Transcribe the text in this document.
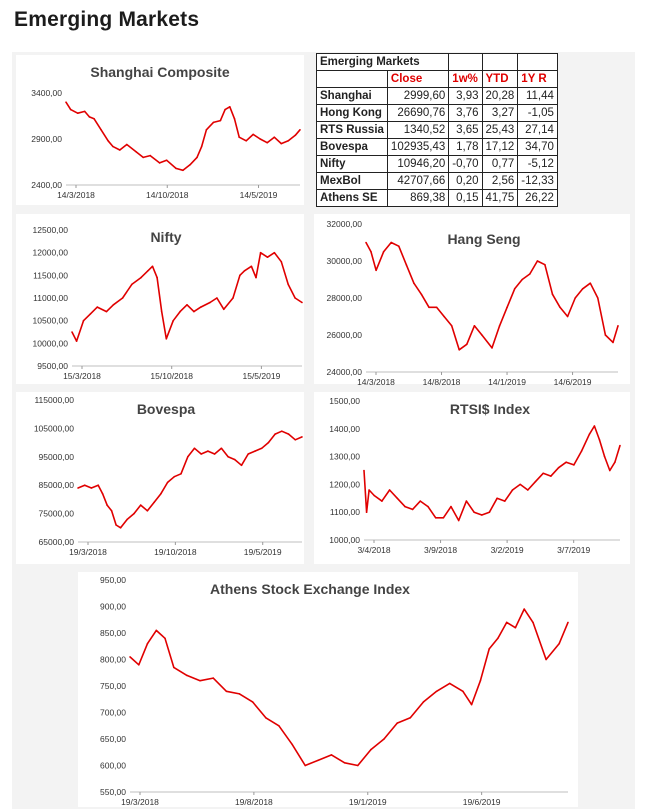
Emerging Markets
Shanghai Composite
3400,00
2900,00
2400,00
14/3/2018	14/10/2018	14/5/2019
Emerging Markets				
	Close	1w%	YTD	1Y R
Shanghai	2999,60	3,93	20,28	11,44
Hong Kong	26690,76	3,76	3,27	-1,05
RTS Russia	1340,52	3,65	25,43	27,14
Bovespa	102935,43	1,78	17,12	34,70
Nifty	10946,20	-0,70	0,77	-5,12
MexBol	42707,66	0,20	2,56	-12,33
Athens SE	869,38	0,15	41,75	26,22
Nifty
12500,00
12000,00
11500,00
11000,00
10500,00
10000,00
9500,00
15/3/2018	15/10/2018	15/5/2019
Hang Seng
32000,00
30000,00
28000,00
26000,00
24000,00
14/3/2018	14/8/2018	14/1/2019	14/6/2019
Bovespa
115000,00
105000,00
95000,00
85000,00
75000,00
65000,00
19/3/2018	19/10/2018	19/5/2019
RTSI$ Index
1500,00
1400,00
1300,00
1200,00
1100,00
1000,00
3/4/2018	3/9/2018	3/2/2019	3/7/2019
Athens Stock Exchange Index
950,00
900,00
850,00
800,00
750,00
700,00
650,00
600,00
550,00
19/3/2018	19/8/2018	19/1/2019	19/6/2019
